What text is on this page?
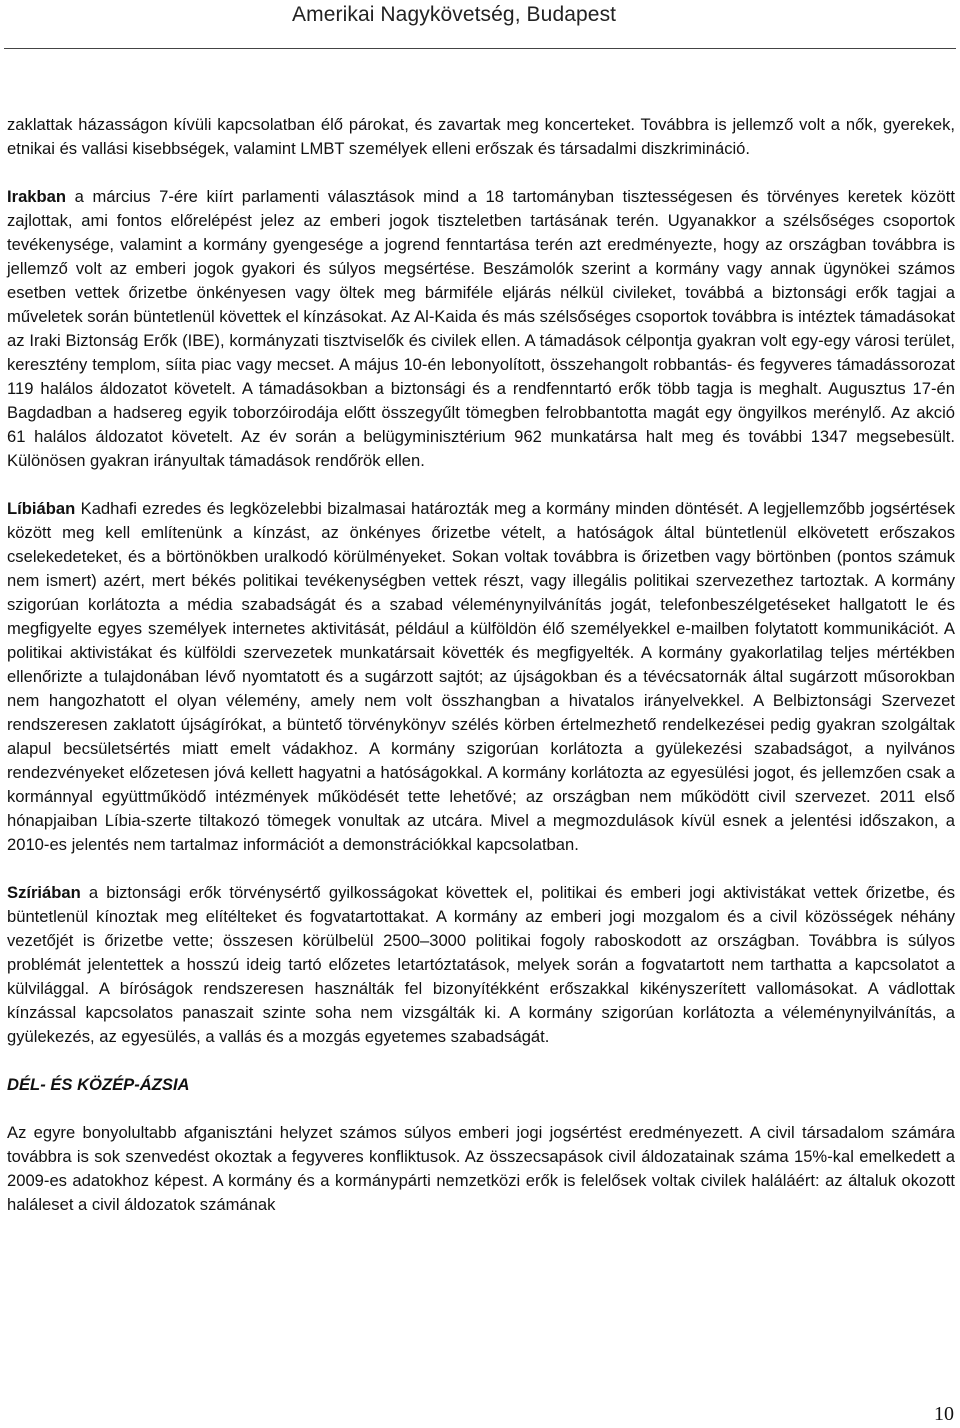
Amerikai Nagykövetség, Budapest

zaklattak házasságon kívüli kapcsolatban élő párokat, és zavartak meg koncerteket. Továbbra is jellemző volt a nők, gyerekek, etnikai és vallási kisebbségek, valamint LMBT személyek elleni erőszak és társadalmi diszkrimináció.

Irakban a március 7-ére kiírt parlamenti választások mind a 18 tartományban tisztességesen és törvényes keretek között zajlottak, ami fontos előrelépést jelez az emberi jogok tiszteletben tartásának terén. Ugyanakkor a szélsőséges csoportok tevékenysége, valamint a kormány gyengesége a jogrend fenntartása terén azt eredményezte, hogy az országban továbbra is jellemző volt az emberi jogok gyakori és súlyos megsértése. Beszámolók szerint a kormány vagy annak ügynökei számos esetben vettek őrizetbe önkényesen vagy öltek meg bármiféle eljárás nélkül civileket, továbbá a biztonsági erők tagjai a műveletek során büntetlenül követtek el kínzásokat. Az Al-Kaida és más szélsőséges csoportok továbbra is intéztek támadásokat az Iraki Biztonság Erők (IBE), kormányzati tisztviselők és civilek ellen. A támadások célpontja gyakran volt egy-egy városi terület, keresztény templom, síita piac vagy mecset. A május 10-én lebonyolított, összehangolt robbantás- és fegyveres támadássorozat 119 halálos áldozatot követelt. A támadásokban a biztonsági és a rendfenntartó erők több tagja is meghalt. Augusztus 17-én Bagdadban a hadsereg egyik toborzóirodája előtt összegyűlt tömegben felrobbantotta magát egy öngyilkos merénylő. Az akció 61 halálos áldozatot követelt. Az év során a belügyminisztérium 962 munkatársa halt meg és további 1347 megsebesült. Különösen gyakran irányultak támadások rendőrök ellen.

Líbiában Kadhafi ezredes és legközelebbi bizalmasai határozták meg a kormány minden döntését. A legjellemzőbb jogsértések között meg kell említenünk a kínzást, az önkényes őrizetbe vételt, a hatóságok által büntetlenül elkövetett erőszakos cselekedeteket, és a börtönökben uralkodó körülményeket. Sokan voltak továbbra is őrizetben vagy börtönben (pontos számuk nem ismert) azért, mert békés politikai tevékenységben vettek részt, vagy illegális politikai szervezethez tartoztak. A kormány szigorúan korlátozta a média szabadságát és a szabad véleménynyilvánítás jogát, telefonbeszélgetéseket hallgatott le és megfigyelte egyes személyek internetes aktivitását, például a külföldön élő személyekkel e-mailben folytatott kommunikációt. A politikai aktivistákat és külföldi szervezetek munkatársait követték és megfigyelték. A kormány gyakorlatilag teljes mértékben ellenőrizte a tulajdonában lévő nyomtatott és a sugárzott sajtót; az újságokban és a tévécsatornák által sugárzott műsorokban nem hangozhatott el olyan vélemény, amely nem volt összhangban a hivatalos irányelvekkel. A Belbiztonsági Szervezet rendszeresen zaklatott újságírókat, a büntető törvénykönyv szélés körben értelmezhető rendelkezései pedig gyakran szolgáltak alapul becsületsértés miatt emelt vádakhoz. A kormány szigorúan korlátozta a gyülekezési szabadságot, a nyilvános rendezvényeket előzetesen jóvá kellett hagyatni a hatóságokkal. A kormány korlátozta az egyesülési jogot, és jellemzően csak a kormánnyal együttműködő intézmények működését tette lehetővé; az országban nem működött civil szervezet. 2011 első hónapjaiban Líbia-szerte tiltakozó tömegek vonultak az utcára. Mivel a megmozdulások kívül esnek a jelentési időszakon, a 2010-es jelentés nem tartalmaz információt a demonstrációkkal kapcsolatban.

Szíriában a biztonsági erők törvénysértő gyilkosságokat követtek el, politikai és emberi jogi aktivistákat vettek őrizetbe, és büntetlenül kínoztak meg elítélteket és fogvatartottakat. A kormány az emberi jogi mozgalom és a civil közösségek néhány vezetőjét is őrizetbe vette; összesen körülbelül 2500–3000 politikai fogoly raboskodott az országban. Továbbra is súlyos problémát jelentettek a hosszú ideig tartó előzetes letartóztatások, melyek során a fogvatartott nem tarthatta a kapcsolatot a külvilággal. A bíróságok rendszeresen használták fel bizonyítékként erőszakkal kikényszerített vallomásokat. A vádlottak kínzással kapcsolatos panaszait szinte soha nem vizsgálták ki. A kormány szigorúan korlátozta a véleménynyilvánítás, a gyülekezés, az egyesülés, a vallás és a mozgás egyetemes szabadságát.

DÉL- ÉS KÖZÉP-ÁZSIA

Az egyre bonyolultabb afganisztáni helyzet számos súlyos emberi jogi jogsértést eredményezett. A civil társadalom számára továbbra is sok szenvedést okoztak a fegyveres konfliktusok. Az összecsapások civil áldozatainak száma 15%-kal emelkedett a 2009-es adatokhoz képest. A kormány és a kormánypárti nemzetközi erők is felelősek voltak civilek haláláért: az általuk okozott haláleset a civil áldozatok számának

10
